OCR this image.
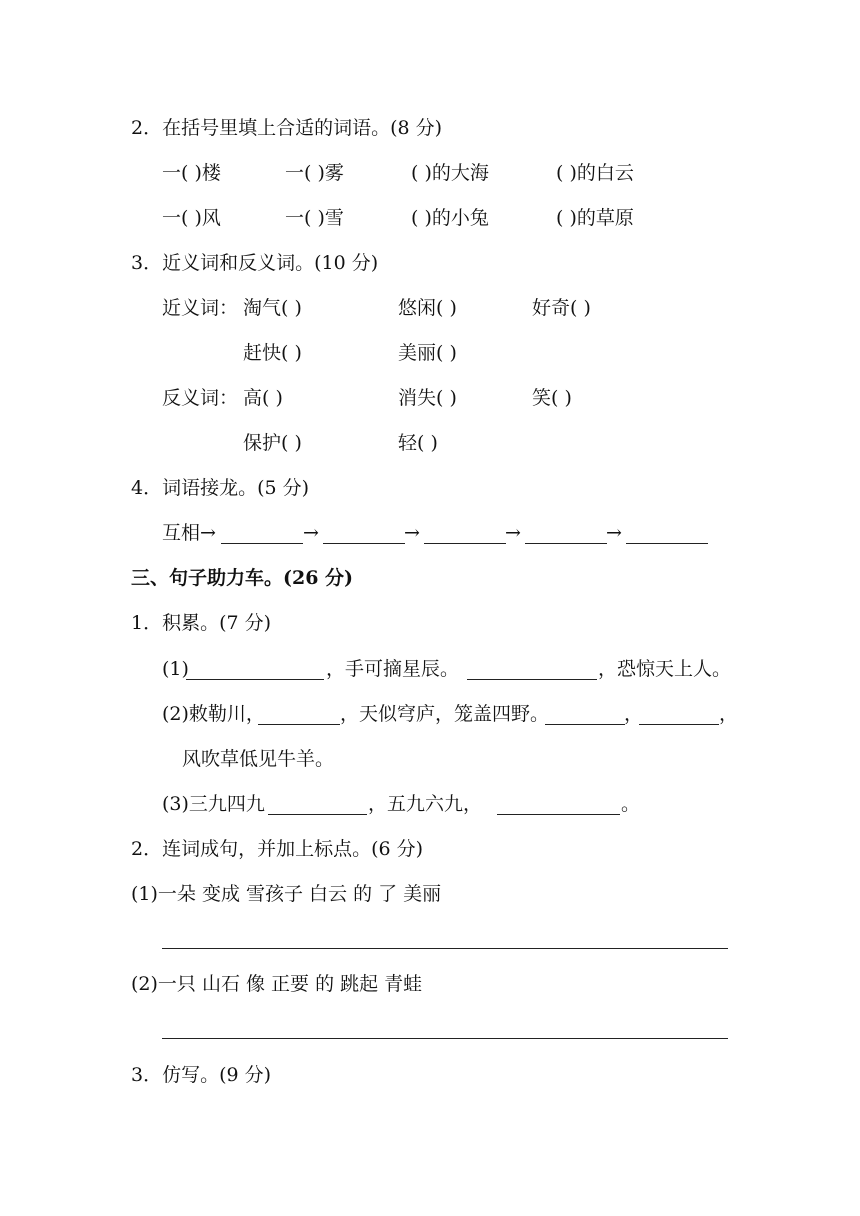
2．在括号里填上合适的词语。(8 分)
一( )楼	一( )雾	( )的大海	( )的白云
一( )风	一( )雪	( )的小兔	( )的草原
3．近义词和反义词。(10 分)
近义词： 淘气( )	悠闲( )	好奇( )
赶快( )	美丽( )
反义词： 高( )	消失( )	笑( )
保护( )	轻( )
4．词语接龙。(5 分)
互相 →	→	→	→	→
三、句子助力车。(26 分)
1．积累。(7 分)
(1)	，手可摘星辰。	，恐惊天上人。
(2)敕勒川，	，天似穹庐，笼盖四野。	，	，
风吹草低见牛羊。
(3)三九四九	，五九六九，	。
2．连词成句，并加上标点。(6 分)
(1)一朵 变成 雪孩子 白云 的 了 美丽
(2)一只 山石 像 正要 的 跳起 青蛙
3．仿写。(9 分)
